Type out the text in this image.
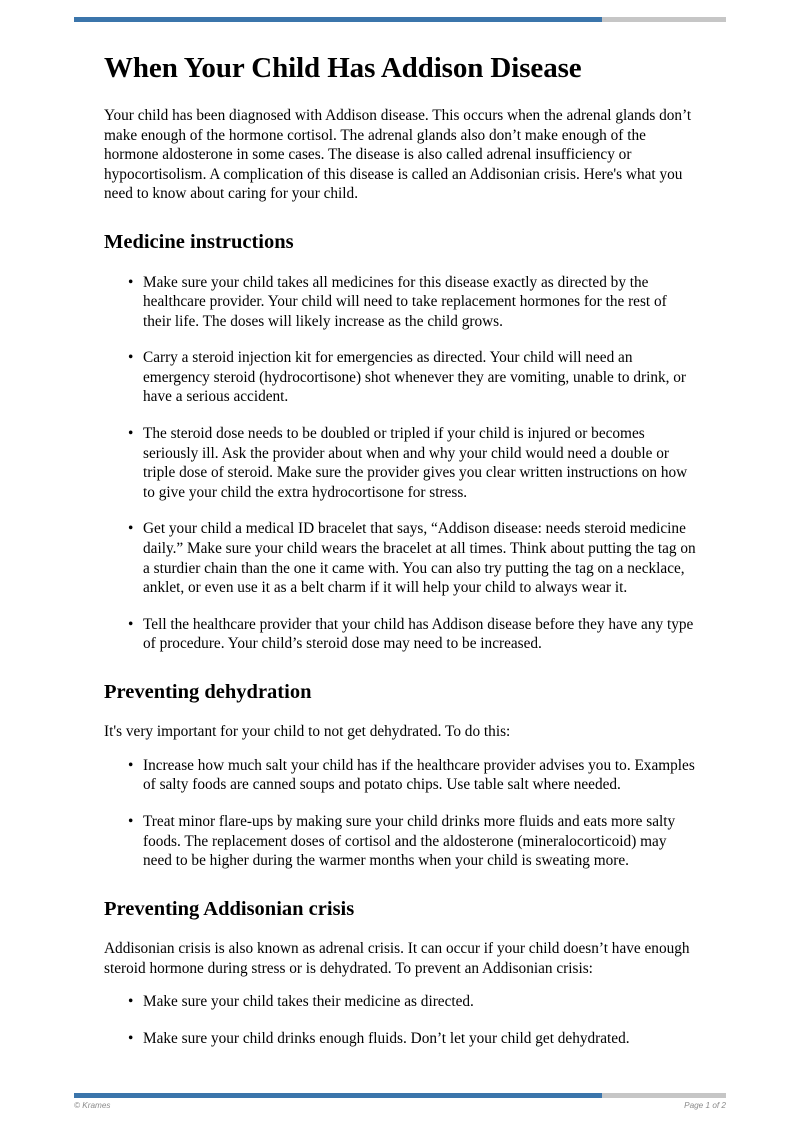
When Your Child Has Addison Disease

Your child has been diagnosed with Addison disease. This occurs when the adrenal glands don’t make enough of the hormone cortisol. The adrenal glands also don’t make enough of the hormone aldosterone in some cases. The disease is also called adrenal insufficiency or hypocortisolism. A complication of this disease is called an Addisonian crisis. Here's what you need to know about caring for your child.

Medicine instructions
• Make sure your child takes all medicines for this disease exactly as directed by the healthcare provider. Your child will need to take replacement hormones for the rest of their life. The doses will likely increase as the child grows.
• Carry a steroid injection kit for emergencies as directed. Your child will need an emergency steroid (hydrocortisone) shot whenever they are vomiting, unable to drink, or have a serious accident.
• The steroid dose needs to be doubled or tripled if your child is injured or becomes seriously ill. Ask the provider about when and why your child would need a double or triple dose of steroid. Make sure the provider gives you clear written instructions on how to give your child the extra hydrocortisone for stress.
• Get your child a medical ID bracelet that says, “Addison disease: needs steroid medicine daily.” Make sure your child wears the bracelet at all times. Think about putting the tag on a sturdier chain than the one it came with. You can also try putting the tag on a necklace, anklet, or even use it as a belt charm if it will help your child to always wear it.
• Tell the healthcare provider that your child has Addison disease before they have any type of procedure. Your child’s steroid dose may need to be increased.
Preventing dehydration

It's very important for your child to not get dehydrated. To do this:

• Increase how much salt your child has if the healthcare provider advises you to. Examples of salty foods are canned soups and potato chips. Use table salt where needed.
• Treat minor flare-ups by making sure your child drinks more fluids and eats more salty foods. The replacement doses of cortisol and the aldosterone (mineralocorticoid) may need to be higher during the warmer months when your child is sweating more.
Preventing Addisonian crisis

Addisonian crisis is also known as adrenal crisis. It can occur if your child doesn’t have enough steroid hormone during stress or is dehydrated. To prevent an Addisonian crisis:

• Make sure your child takes their medicine as directed.
• Make sure your child drinks enough fluids. Don’t let your child get dehydrated.
© Krames	Page 1 of 2
